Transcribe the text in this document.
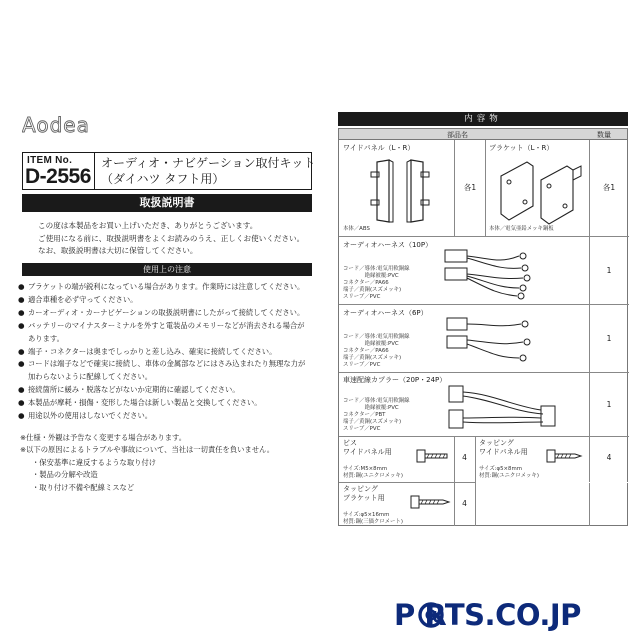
Aodea
ITEM No.
D-2556
オーディオ・ナビゲーション取付キット
（ダイハツ タフト用）
取扱説明書
この度は本製品をお買い上げいただき、ありがとうございます。
ご使用になる前に、取扱説明書をよくお読みのうえ、正しくお使いください。
なお、取扱説明書は大切に保管してください。
使用上の注意
● ブラケットの端が鋭利になっている場合があります。作業時には注意してください。
● 適合車種を必ず守ってください。
● カーオーディオ・カーナビゲーションの取扱説明書にしたがって接続してください。
● バッテリーのマイナスターミナルを外すと電装品のメモリーなどが消去される場合が
あります。
● 端子・コネクターは奥までしっかりと差し込み、確実に接続してください。
● コードは端子などで確実に接続し、車体の金属部などにはさみ込まれたり無理な力が
加わらないように配線してください。
● 接続箇所に緩み・脱落などがないか定期的に確認してください。
● 本製品が摩耗・損傷・変形した場合は新しい製品と交換してください。
● 用途以外の使用はしないでください。
※仕様・外観は予告なく変更する場合があります。
※以下の原因によるトラブルや事故について、当社は一切責任を負いません。
・保安基準に違反するような取り付け
・製品の分解や改造
・取り付け不備や配線ミスなど
内容物
部品名	数量
ワイドパネル（L・R）
本体／ABS
各1
ブラケット（L・R）
本体／電気亜鉛メッキ鋼板
各1
オーディオハーネス（10P）
コード／導体:電気用軟銅線
　　　　絶縁被覆:PVC
コネクター／PA66
端子／黄銅(スズメッキ)
スリーブ／PVC
1
オーディオハーネス（6P）
コード／導体:電気用軟銅線
　　　　絶縁被覆:PVC
コネクター／PA66
端子／黄銅(スズメッキ)
スリーブ／PVC
1
車速配線カプラー（20P・24P）
コード／導体:電気用軟銅線
　　　　絶縁被覆:PVC
コネクター／PBT
端子／黄銅(スズメッキ)
スリーブ／PVC
1
ビス
ワイドパネル用
サイズ:M5×8mm
材質:鋼(ユニクロメッキ)
4
タッピング
ワイドパネル用
サイズ:φ5×8mm
材質:鋼(ユニクロメッキ)
4
タッピング
ブラケット用
サイズ:φ5×16mm
材質:鋼(三価クロメート)
4
P RTS.CO.JP
